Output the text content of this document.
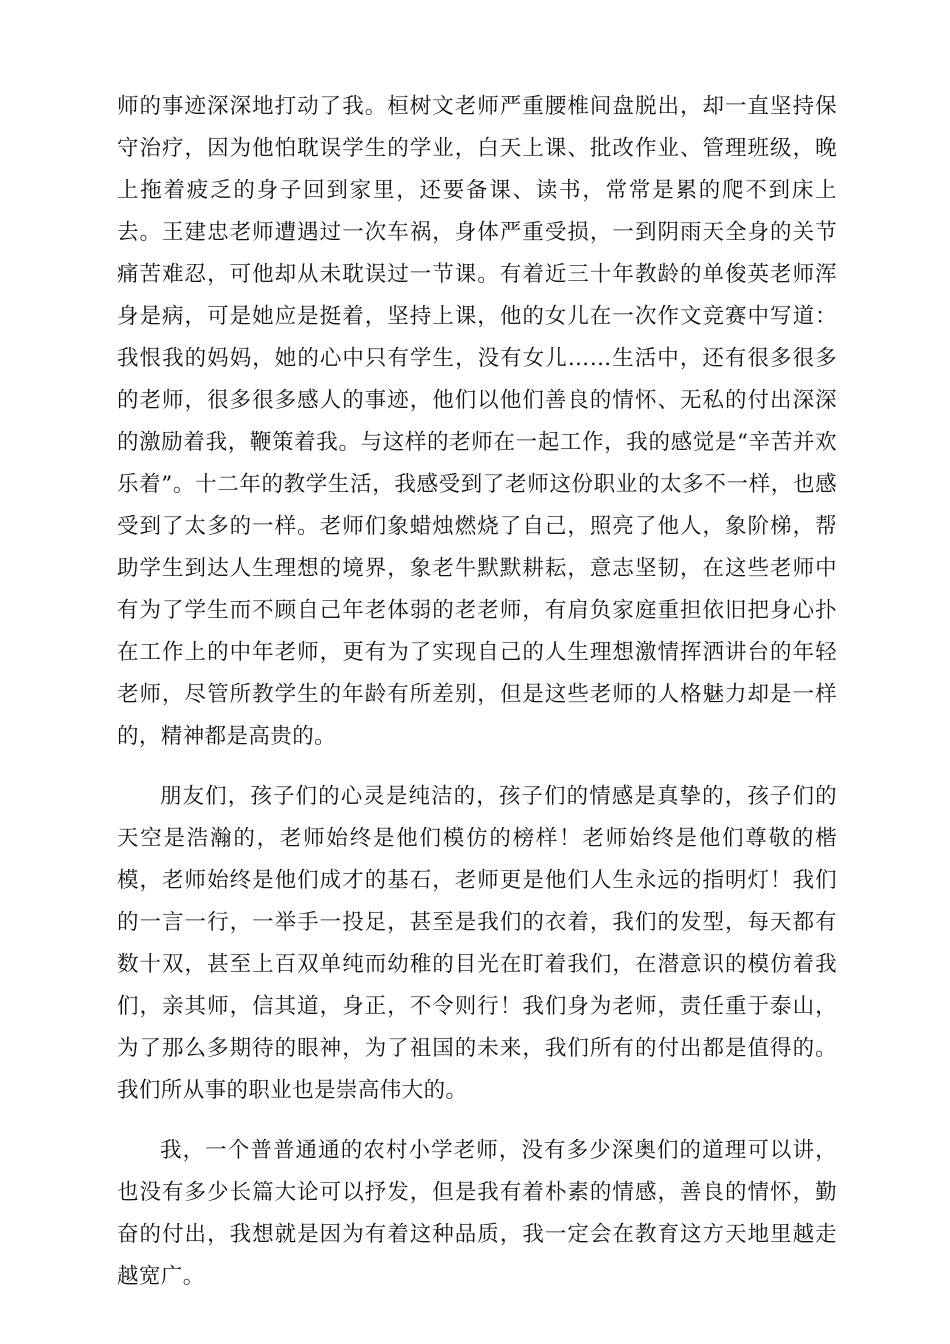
师的事迹深深地打动了我。桓树文老师严重腰椎间盘脱出，却一直坚持保守治疗，因为他怕耽误学生的学业，白天上课、批改作业、管理班级，晚上拖着疲乏的身子回到家里，还要备课、读书，常常是累的爬不到床上去。王建忠老师遭遇过一次车祸，身体严重受损，一到阴雨天全身的关节痛苦难忍，可他却从未耽误过一节课。有着近三十年教龄的单俊英老师浑身是病，可是她应是挺着，坚持上课，他的女儿在一次作文竞赛中写道：我恨我的妈妈，她的心中只有学生，没有女儿……生活中，还有很多很多的老师，很多很多感人的事迹，他们以他们善良的情怀、无私的付出深深的激励着我，鞭策着我。与这样的老师在一起工作，我的感觉是“辛苦并欢乐着”。十二年的教学生活，我感受到了老师这份职业的太多不一样，也感受到了太多的一样。老师们象蜡烛燃烧了自己，照亮了他人，象阶梯，帮助学生到达人生理想的境界，象老牛默默耕耘，意志坚韧，在这些老师中有为了学生而不顾自己年老体弱的老老师，有肩负家庭重担依旧把身心扑在工作上的中年老师，更有为了实现自己的人生理想激情挥洒讲台的年轻老师，尽管所教学生的年龄有所差别，但是这些老师的人格魅力却是一样的，精神都是高贵的。

朋友们，孩子们的心灵是纯洁的，孩子们的情感是真挚的，孩子们的天空是浩瀚的，老师始终是他们模仿的榜样！老师始终是他们尊敬的楷模，老师始终是他们成才的基石，老师更是他们人生永远的指明灯！我们的一言一行，一举手一投足，甚至是我们的衣着，我们的发型，每天都有数十双，甚至上百双单纯而幼稚的目光在盯着我们，在潜意识的模仿着我们，亲其师，信其道，身正，不令则行！我们身为老师，责任重于泰山，为了那么多期待的眼神，为了祖国的未来，我们所有的付出都是值得的。我们所从事的职业也是崇高伟大的。

我，一个普普通通的农村小学老师，没有多少深奥们的道理可以讲，也没有多少长篇大论可以抒发，但是我有着朴素的情感，善良的情怀，勤奋的付出，我想就是因为有着这种品质，我一定会在教育这方天地里越走越宽广。
